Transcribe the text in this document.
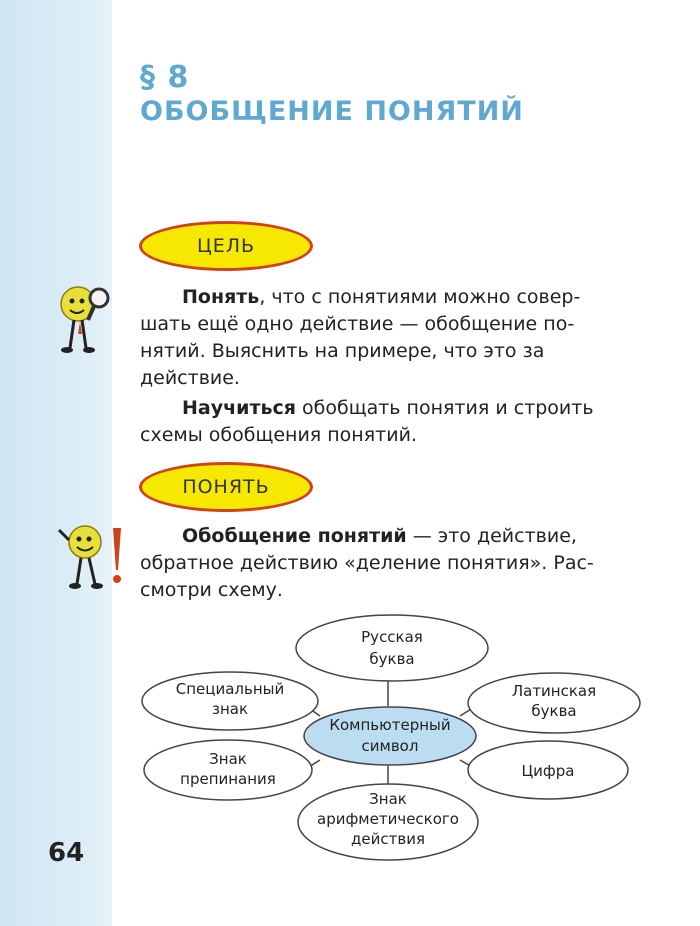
§ 8
ОБОБЩЕНИЕ ПОНЯТИЙ
ЦЕЛЬ
Понять, что с понятиями можно совер-
шать ещё одно действие — обобщение по-
нятий. Выяснить на примере, что это за
действие.
Научиться обобщать понятия и строить
схемы обобщения понятий.
ПОНЯТЬ
Обобщение понятий — это действие,
обратное действию «деление понятия». Рас-
смотри схему.
Русская
буква
Специальный
знак
Латинская
буква
Компьютерный
символ
Знак
препинания	Цифра
Знак
арифметического
действия
64
